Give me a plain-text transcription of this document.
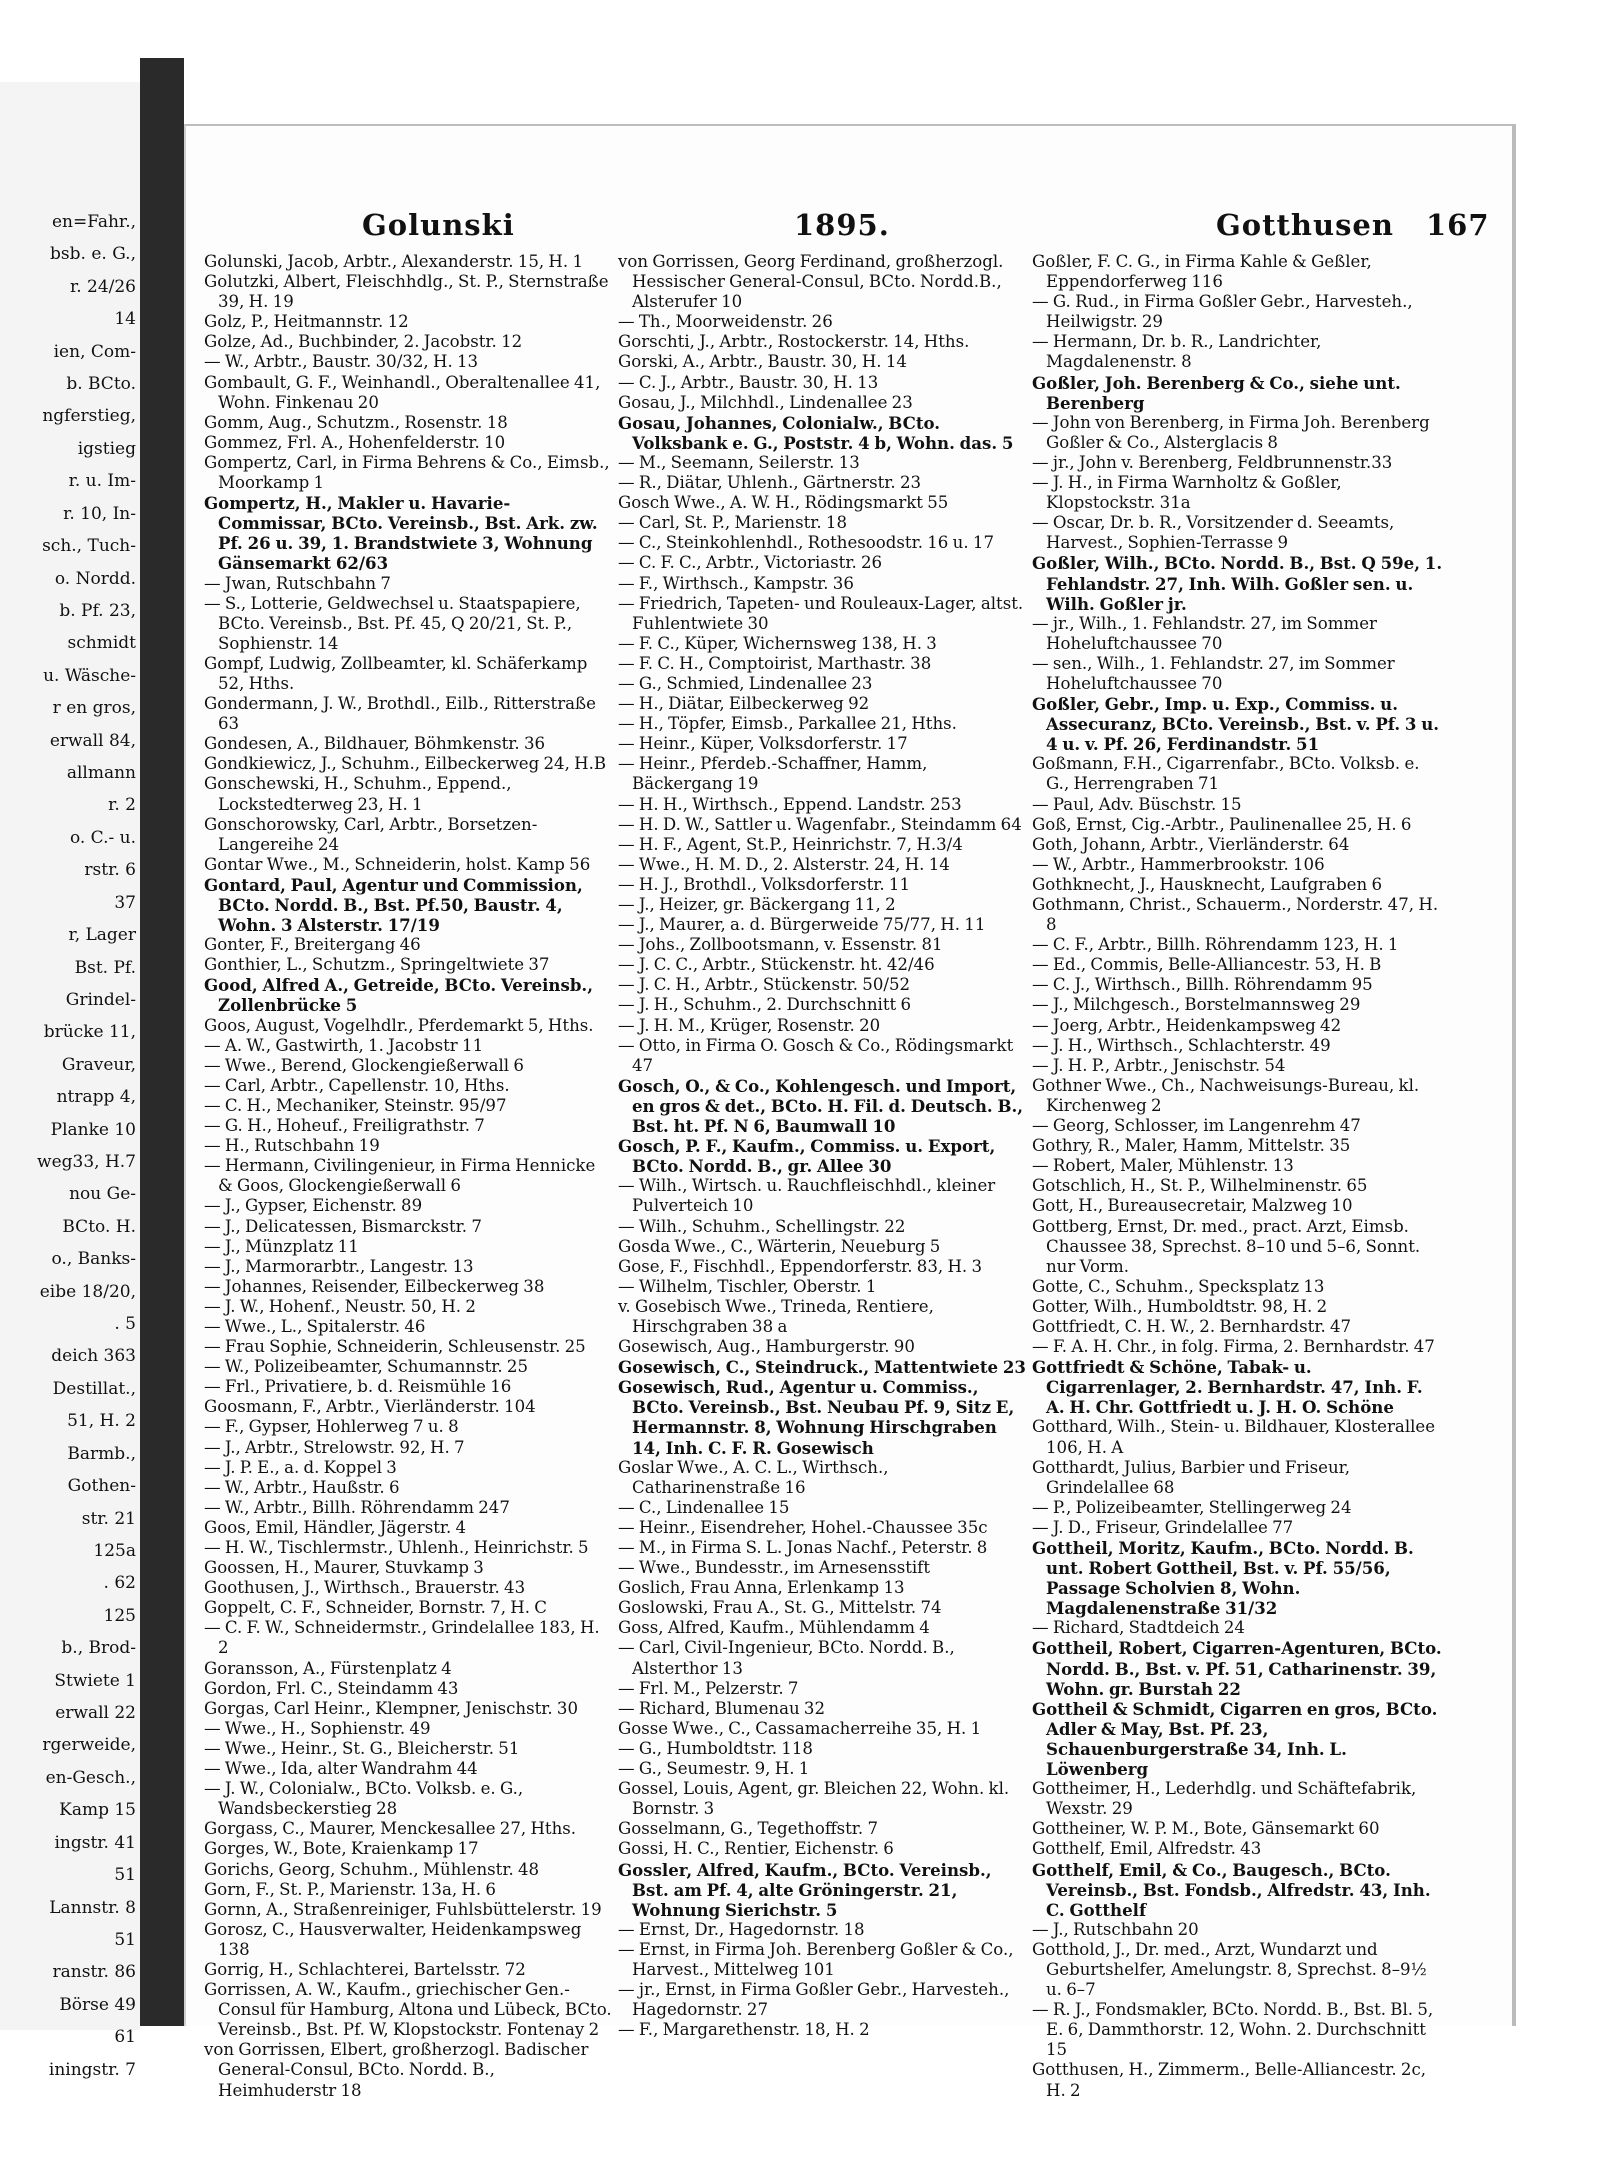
en=Fahr.,
bsb. e. G.,
r. 24/26
14
ien, Com-
b. BCto.
ngferstieg,
igstieg
r. u. Im-
r. 10, In-
sch., Tuch-
o. Nordd.
b. Pf. 23,
schmidt
u. Wäsche-
r en gros,
erwall 84,
allmann
r. 2
o. C.- u.
rstr. 6
37
r, Lager
Bst. Pf.
Grindel-
brücke 11,
Graveur,
ntrapp 4,
Planke 10
weg33, H.7
nou Ge-
BCto. H.
o., Banks-
eibe 18/20,
. 5
deich 363
Destillat.,
51, H. 2
Barmb.,
Gothen-
str. 21
125a
. 62
125
b., Brod-
Stwiete 1
erwall 22
rgerweide,
en-Gesch.,
Kamp 15
ingstr. 41
51
Lannstr. 8
51
ranstr. 86
Börse 49
61
iningstr. 7
Golunski	1895.	Gotthusen 167

Golunski, Jacob, Arbtr., Alexanderstr. 15, H. 1

Golutzki, Albert, Fleischhdlg., St. P., Sternstraße 39, H. 19

Golz, P., Heitmannstr. 12

Golze, Ad., Buchbinder, 2. Jacobstr. 12

— W., Arbtr., Baustr. 30/32, H. 13

Gombault, G. F., Weinhandl., Oberaltenallee 41, Wohn. Finkenau 20

Gomm, Aug., Schutzm., Rosenstr. 18

Gommez, Frl. A., Hohenfelderstr. 10

Gompertz, Carl, in Firma Behrens & Co., Eimsb., Moorkamp 1

Gompertz, H., Makler u. Havarie-Commissar, BCto. Vereinsb., Bst. Ark. zw. Pf. 26 u. 39, 1. Brandstwiete 3, Wohnung Gänsemarkt 62/63

— Jwan, Rutschbahn 7

— S., Lotterie, Geldwechsel u. Staatspapiere, BCto. Vereinsb., Bst. Pf. 45, Q 20/21, St. P., Sophienstr. 14

Gompf, Ludwig, Zollbeamter, kl. Schäferkamp 52, Hths.

Gondermann, J. W., Brothdl., Eilb., Ritterstraße 63

Gondesen, A., Bildhauer, Böhmkenstr. 36

Gondkiewicz, J., Schuhm., Eilbeckerweg 24, H.B

Gonschewski, H., Schuhm., Eppend., Lockstedterweg 23, H. 1

Gonschorowsky, Carl, Arbtr., Borsetzen-Langereihe 24

Gontar Wwe., M., Schneiderin, holst. Kamp 56

Gontard, Paul, Agentur und Commission, BCto. Nordd. B., Bst. Pf.50, Baustr. 4, Wohn. 3 Alsterstr. 17/19

Gonter, F., Breitergang 46

Gonthier, L., Schutzm., Springeltwiete 37

Good, Alfred A., Getreide, BCto. Vereinsb., Zollenbrücke 5

Goos, August, Vogelhdlr., Pferdemarkt 5, Hths.

— A. W., Gastwirth, 1. Jacobstr 11

— Wwe., Berend, Glockengießerwall 6

— Carl, Arbtr., Capellenstr. 10, Hths.

— C. H., Mechaniker, Steinstr. 95/97

— G. H., Hoheuf., Freiligrathstr. 7

— H., Rutschbahn 19

— Hermann, Civilingenieur, in Firma Hennicke & Goos, Glockengießerwall 6

— J., Gypser, Eichenstr. 89

— J., Delicatessen, Bismarckstr. 7

— J., Münzplatz 11

— J., Marmorarbtr., Langestr. 13

— Johannes, Reisender, Eilbeckerweg 38

— J. W., Hohenf., Neustr. 50, H. 2

— Wwe., L., Spitalerstr. 46

— Frau Sophie, Schneiderin, Schleusenstr. 25

— W., Polizeibeamter, Schumannstr. 25

— Frl., Privatiere, b. d. Reismühle 16

Goosmann, F., Arbtr., Vierländerstr. 104

— F., Gypser, Hohlerweg 7 u. 8

— J., Arbtr., Strelowstr. 92, H. 7

— J. P. E., a. d. Koppel 3

— W., Arbtr., Haußstr. 6

— W., Arbtr., Billh. Röhrendamm 247

Goos, Emil, Händler, Jägerstr. 4

— H. W., Tischlermstr., Uhlenh., Heinrichstr. 5

Goossen, H., Maurer, Stuvkamp 3

Goothusen, J., Wirthsch., Brauerstr. 43

Goppelt, C. F., Schneider, Bornstr. 7, H. C

— C. F. W., Schneidermstr., Grindelallee 183, H. 2

Goransson, A., Fürstenplatz 4

Gordon, Frl. C., Steindamm 43

Gorgas, Carl Heinr., Klempner, Jenischstr. 30

— Wwe., H., Sophienstr. 49

— Wwe., Heinr., St. G., Bleicherstr. 51

— Wwe., Ida, alter Wandrahm 44

— J. W., Colonialw., BCto. Volksb. e. G., Wandsbeckerstieg 28

Gorgass, C., Maurer, Menckesallee 27, Hths.

Gorges, W., Bote, Kraienkamp 17

Gorichs, Georg, Schuhm., Mühlenstr. 48

Gorn, F., St. P., Marienstr. 13a, H. 6

Gornn, A., Straßenreiniger, Fuhlsbüttelerstr. 19

Gorosz, C., Hausverwalter, Heidenkampsweg 138

Gorrig, H., Schlachterei, Bartelsstr. 72

Gorrissen, A. W., Kaufm., griechischer Gen.-Consul für Hamburg, Altona und Lübeck, BCto. Vereinsb., Bst. Pf. W, Klopstockstr. Fontenay 2

von Gorrissen, Elbert, großherzogl. Badischer General-Consul, BCto. Nordd. B., Heimhuderstr 18

von Gorrissen, Georg Ferdinand, großherzogl. Hessischer General-Consul, BCto. Nordd.B., Alsterufer 10

— Th., Moorweidenstr. 26

Gorschti, J., Arbtr., Rostockerstr. 14, Hths.

Gorski, A., Arbtr., Baustr. 30, H. 14

— C. J., Arbtr., Baustr. 30, H. 13

Gosau, J., Milchhdl., Lindenallee 23

Gosau, Johannes, Colonialw., BCto. Volksbank e. G., Poststr. 4 b, Wohn. das. 5

— M., Seemann, Seilerstr. 13

— R., Diätar, Uhlenh., Gärtnerstr. 23

Gosch Wwe., A. W. H., Rödingsmarkt 55

— Carl, St. P., Marienstr. 18

— C., Steinkohlenhdl., Rothesoodstr. 16 u. 17

— C. F. C., Arbtr., Victoriastr. 26

— F., Wirthsch., Kampstr. 36

— Friedrich, Tapeten- und Rouleaux-Lager, altst. Fuhlentwiete 30

— F. C., Küper, Wichernsweg 138, H. 3

— F. C. H., Comptoirist, Marthastr. 38

— G., Schmied, Lindenallee 23

— H., Diätar, Eilbeckerweg 92

— H., Töpfer, Eimsb., Parkallee 21, Hths.

— Heinr., Küper, Volksdorferstr. 17

— Heinr., Pferdeb.-Schaffner, Hamm, Bäckergang 19

— H. H., Wirthsch., Eppend. Landstr. 253

— H. D. W., Sattler u. Wagenfabr., Steindamm 64

— H. F., Agent, St.P., Heinrichstr. 7, H.3/4

— Wwe., H. M. D., 2. Alsterstr. 24, H. 14

— H. J., Brothdl., Volksdorferstr. 11

— J., Heizer, gr. Bäckergang 11, 2

— J., Maurer, a. d. Bürgerweide 75/77, H. 11

— Johs., Zollbootsmann, v. Essenstr. 81

— J. C. C., Arbtr., Stückenstr. ht. 42/46

— J. C. H., Arbtr., Stückenstr. 50/52

— J. H., Schuhm., 2. Durchschnitt 6

— J. H. M., Krüger, Rosenstr. 20

— Otto, in Firma O. Gosch & Co., Rödingsmarkt 47

Gosch, O., & Co., Kohlengesch. und Import, en gros & det., BCto. H. Fil. d. Deutsch. B., Bst. ht. Pf. N 6, Baumwall 10

Gosch, P. F., Kaufm., Commiss. u. Export, BCto. Nordd. B., gr. Allee 30

— Wilh., Wirtsch. u. Rauchfleischhdl., kleiner Pulverteich 10

— Wilh., Schuhm., Schellingstr. 22

Gosda Wwe., C., Wärterin, Neueburg 5

Gose, F., Fischhdl., Eppendorferstr. 83, H. 3

— Wilhelm, Tischler, Oberstr. 1

v. Gosebisch Wwe., Trineda, Rentiere, Hirschgraben 38 a

Gosewisch, Aug., Hamburgerstr. 90

Gosewisch, C., Steindruck., Mattentwiete 23

Gosewisch, Rud., Agentur u. Commiss., BCto. Vereinsb., Bst. Neubau Pf. 9, Sitz E, Hermannstr. 8, Wohnung Hirschgraben 14, Inh. C. F. R. Gosewisch

Goslar Wwe., A. C. L., Wirthsch., Catharinenstraße 16

— C., Lindenallee 15

— Heinr., Eisendreher, Hohel.-Chaussee 35c

— M., in Firma S. L. Jonas Nachf., Peterstr. 8

— Wwe., Bundesstr., im Arnesensstift

Goslich, Frau Anna, Erlenkamp 13

Goslowski, Frau A., St. G., Mittelstr. 74

Goss, Alfred, Kaufm., Mühlendamm 4

— Carl, Civil-Ingenieur, BCto. Nordd. B., Alsterthor 13

— Frl. M., Pelzerstr. 7

— Richard, Blumenau 32

Gosse Wwe., C., Cassamacherreihe 35, H. 1

— G., Humboldtstr. 118

— G., Seumestr. 9, H. 1

Gossel, Louis, Agent, gr. Bleichen 22, Wohn. kl. Bornstr. 3

Gosselmann, G., Tegethoffstr. 7

Gossi, H. C., Rentier, Eichenstr. 6

Gossler, Alfred, Kaufm., BCto. Vereinsb., Bst. am Pf. 4, alte Gröningerstr. 21, Wohnung Sierichstr. 5

— Ernst, Dr., Hagedornstr. 18

— Ernst, in Firma Joh. Berenberg Goßler & Co., Harvest., Mittelweg 101

— jr., Ernst, in Firma Goßler Gebr., Harvesteh., Hagedornstr. 27

— F., Margarethenstr. 18, H. 2

Goßler, F. C. G., in Firma Kahle & Geßler, Eppendorferweg 116

— G. Rud., in Firma Goßler Gebr., Harvesteh., Heilwigstr. 29

— Hermann, Dr. b. R., Landrichter, Magdalenenstr. 8

Goßler, Joh. Berenberg & Co., siehe unt. Berenberg

— John von Berenberg, in Firma Joh. Berenberg Goßler & Co., Alsterglacis 8

— jr., John v. Berenberg, Feldbrunnenstr.33

— J. H., in Firma Warnholtz & Goßler, Klopstockstr. 31a

— Oscar, Dr. b. R., Vorsitzender d. Seeamts, Harvest., Sophien-Terrasse 9

Goßler, Wilh., BCto. Nordd. B., Bst. Q 59e, 1. Fehlandstr. 27, Inh. Wilh. Goßler sen. u. Wilh. Goßler jr.

— jr., Wilh., 1. Fehlandstr. 27, im Sommer Hoheluftchaussee 70

— sen., Wilh., 1. Fehlandstr. 27, im Sommer Hoheluftchaussee 70

Goßler, Gebr., Imp. u. Exp., Commiss. u. Assecuranz, BCto. Vereinsb., Bst. v. Pf. 3 u. 4 u. v. Pf. 26, Ferdinandstr. 51

Goßmann, F.H., Cigarrenfabr., BCto. Volksb. e. G., Herrengraben 71

— Paul, Adv. Büschstr. 15

Goß, Ernst, Cig.-Arbtr., Paulinenallee 25, H. 6

Goth, Johann, Arbtr., Vierländerstr. 64

— W., Arbtr., Hammerbrookstr. 106

Gothknecht, J., Hausknecht, Laufgraben 6

Gothmann, Christ., Schauerm., Norderstr. 47, H. 8

— C. F., Arbtr., Billh. Röhrendamm 123, H. 1

— Ed., Commis, Belle-Alliancestr. 53, H. B

— C. J., Wirthsch., Billh. Röhrendamm 95

— J., Milchgesch., Borstelmannsweg 29

— Joerg, Arbtr., Heidenkampsweg 42

— J. H., Wirthsch., Schlachterstr. 49

— J. H. P., Arbtr., Jenischstr. 54

Gothner Wwe., Ch., Nachweisungs-Bureau, kl. Kirchenweg 2

— Georg, Schlosser, im Langenrehm 47

Gothry, R., Maler, Hamm, Mittelstr. 35

— Robert, Maler, Mühlenstr. 13

Gotschlich, H., St. P., Wilhelminenstr. 65

Gott, H., Bureausecretair, Malzweg 10

Gottberg, Ernst, Dr. med., pract. Arzt, Eimsb. Chaussee 38, Sprechst. 8–10 und 5–6, Sonnt. nur Vorm.

Gotte, C., Schuhm., Specksplatz 13

Gotter, Wilh., Humboldtstr. 98, H. 2

Gottfriedt, C. H. W., 2. Bernhardstr. 47

— F. A. H. Chr., in folg. Firma, 2. Bernhardstr. 47

Gottfriedt & Schöne, Tabak- u. Cigarrenlager, 2. Bernhardstr. 47, Inh. F. A. H. Chr. Gottfriedt u. J. H. O. Schöne

Gotthard, Wilh., Stein- u. Bildhauer, Klosterallee 106, H. A

Gotthardt, Julius, Barbier und Friseur, Grindelallee 68

— P., Polizeibeamter, Stellingerweg 24

— J. D., Friseur, Grindelallee 77

Gottheil, Moritz, Kaufm., BCto. Nordd. B. unt. Robert Gottheil, Bst. v. Pf. 55/56, Passage Scholvien 8, Wohn. Magdalenenstraße 31/32

— Richard, Stadtdeich 24

Gottheil, Robert, Cigarren-Agenturen, BCto. Nordd. B., Bst. v. Pf. 51, Catharinenstr. 39, Wohn. gr. Burstah 22

Gottheil & Schmidt, Cigarren en gros, BCto. Adler & May, Bst. Pf. 23, Schauenburgerstraße 34, Inh. L. Löwenberg

Gottheimer, H., Lederhdlg. und Schäftefabrik, Wexstr. 29

Gottheiner, W. P. M., Bote, Gänsemarkt 60

Gotthelf, Emil, Alfredstr. 43

Gotthelf, Emil, & Co., Baugesch., BCto. Vereinsb., Bst. Fondsb., Alfredstr. 43, Inh. C. Gotthelf

— J., Rutschbahn 20

Gotthold, J., Dr. med., Arzt, Wundarzt und Geburtshelfer, Amelungstr. 8, Sprechst. 8–9½ u. 6–7

— R. J., Fondsmakler, BCto. Nordd. B., Bst. Bl. 5, E. 6, Dammthorstr. 12, Wohn. 2. Durchschnitt 15

Gotthusen, H., Zimmerm., Belle-Alliancestr. 2c, H. 2
